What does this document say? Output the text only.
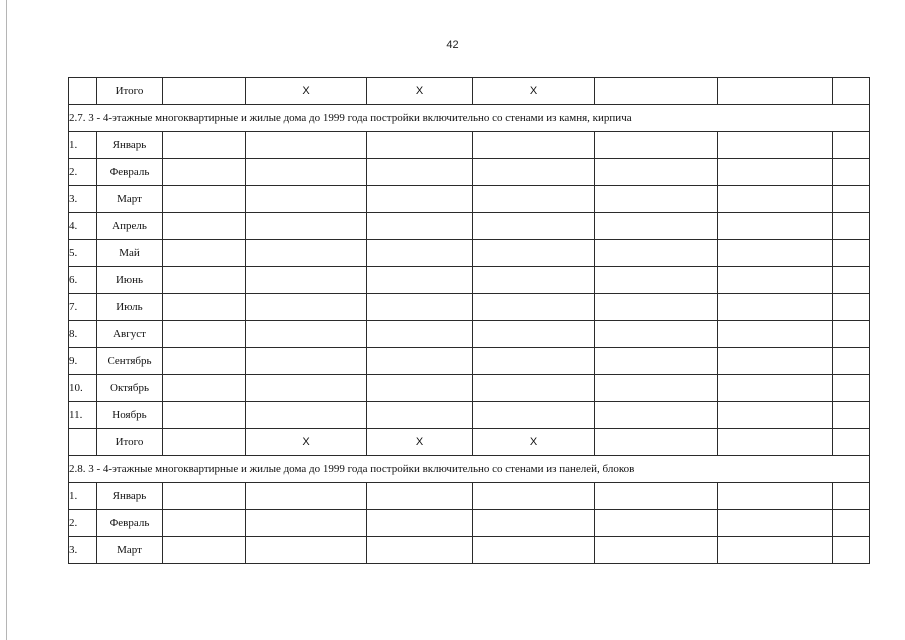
42
	Итого		X	X	X			
2.7. 3 - 4-этажные многоквартирные и жилые дома до 1999 года постройки включительно со стенами из камня, кирпича								
1.	Январь							
2.	Февраль							
3.	Март							
4.	Апрель							
5.	Май							
6.	Июнь							
7.	Июль							
8.	Август							
9.	Сентябрь							
10.	Октябрь							
11.	Ноябрь							
	Итого		X	X	X			
2.8. 3 - 4-этажные многоквартирные и жилые дома до 1999 года постройки включительно со стенами из панелей, блоков								
1.	Январь							
2.	Февраль							
3.	Март							
